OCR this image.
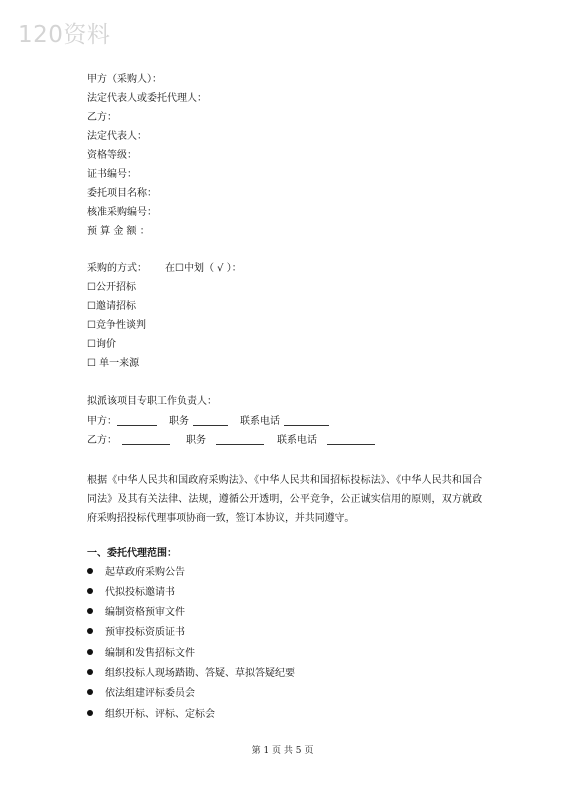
120资料
甲方（采购人）：
法定代表人或委托代理人：
乙方：
法定代表人：
资格等级：
证书编号：
委托项目名称：
核准采购编号：
预 算 金 额 ：
采购的方式： 在☐中划（ √ ）：
☐公开招标
☐邀请招标
☐竞争性谈判
☐询价
☐ 单一来源
拟派该项目专职工作负责人：
甲方：	职务	联系电话
乙方：	职务	联系电话
根据《中华人民共和国政府采购法》、《中华人民共和国招标投标法》、《中华人民共和国合同法》及其有关法律、法规，遵循公开透明，公平竞争，公正诚实信用的原则，双方就政府采购招投标代理事项协商一致，签订本协议，并共同遵守。
一、委托代理范围：
起草政府采购公告
代拟投标邀请书
编制资格预审文件
预审投标资质证书
编制和发售招标文件
组织投标人现场踏勘、答疑、草拟答疑纪要
依法组建评标委员会
组织开标、评标、定标会
第 1 页 共 5 页
